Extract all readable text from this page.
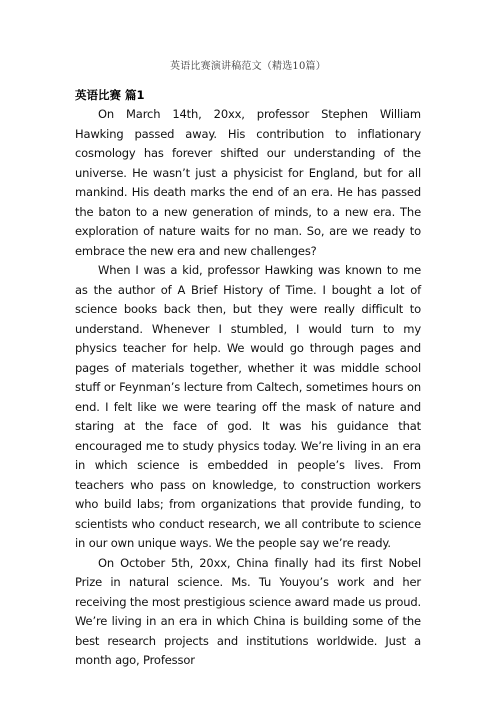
英语比赛演讲稿范文（精选10篇）

英语比赛 篇1

On March 14th, 20xx, professor Stephen William Hawking passed away. His contribution to inflationary cosmology has forever shifted our understanding of the universe. He wasn’t just a physicist for England, but for all mankind. His death marks the end of an era. He has passed the baton to a new generation of minds, to a new era. The exploration of nature waits for no man. So, are we ready to embrace the new era and new challenges?

When I was a kid, professor Hawking was known to me as the author of A Brief History of Time. I bought a lot of science books back then, but they were really difficult to understand. Whenever I stumbled, I would turn to my physics teacher for help. We would go through pages and pages of materials together, whether it was middle school stuff or Feynman’s lecture from Caltech, sometimes hours on end. I felt like we were tearing off the mask of nature and staring at the face of god. It was his guidance that encouraged me to study physics today. We’re living in an era in which science is embedded in people’s lives. From teachers who pass on knowledge, to construction workers who build labs; from organizations that provide funding, to scientists who conduct research, we all contribute to science in our own unique ways. We the people say we’re ready.

On October 5th, 20xx, China finally had its first Nobel Prize in natural science. Ms. Tu Youyou’s work and her receiving the most prestigious science award made us proud. We’re living in an era in which China is building some of the best research projects and institutions worldwide. Just a month ago, Professor
